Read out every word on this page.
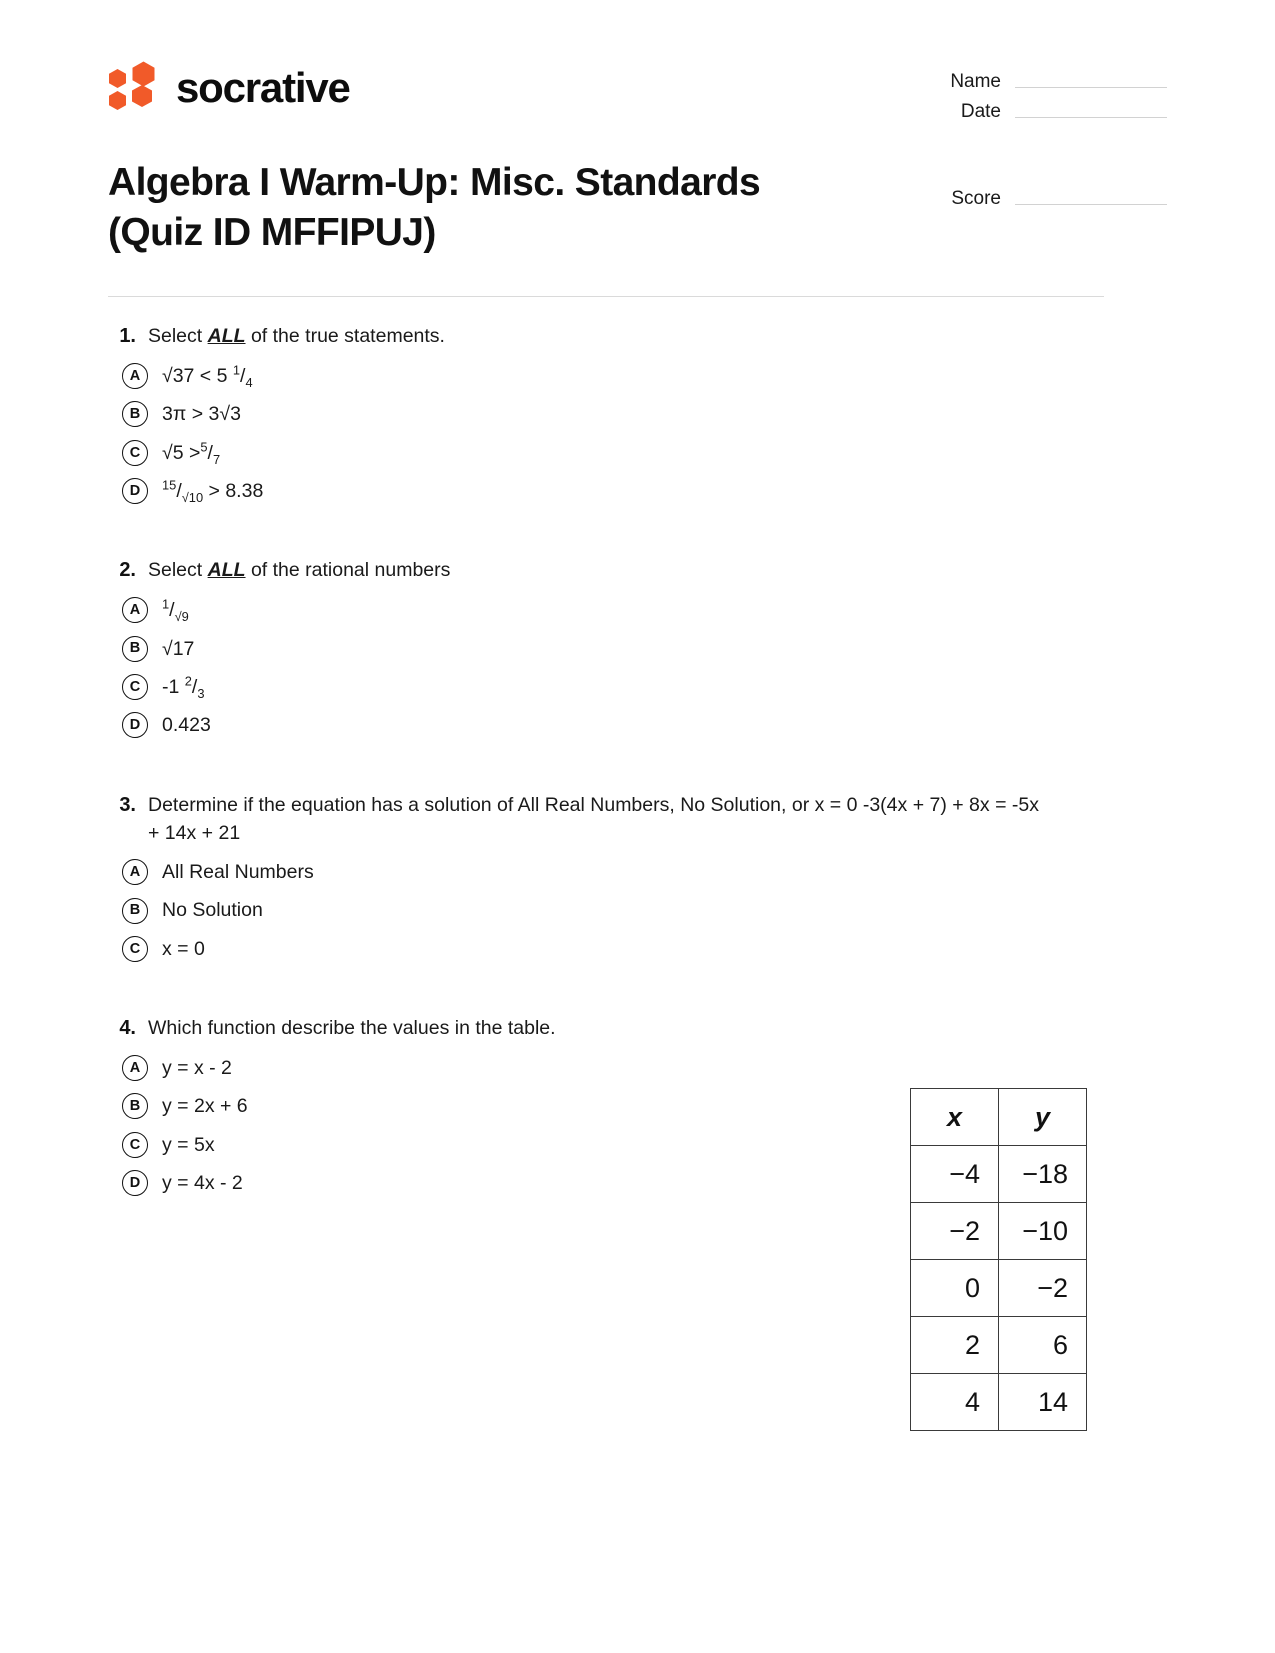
socrative	Name
Date
Score
Algebra I Warm-Up: Misc. Standards (Quiz ID MFFIPUJ)
1. Select ALL of the true statements.
A	√37 < 5 $^1/_4$
B	3π > 3√3
C	$√5 >^5/_7$
D	$^{15}/_{√10} > 8.38$
2. Select ALL of the rational numbers
A	$^1/_{√9}$
B	√17
C	-1 $^2/_3$
D	0.423
3. Determine if the equation has a solution of All Real Numbers, No Solution, or x = 0 -3(4x + 7) + 8x = -5x + 14x + 21
A	All Real Numbers
B	No Solution
C	x = 0
4. Which function describe the values in the table.
A	y = x - 2
B	y = 2x + 6
C	y = 5x
D	y = 4x - 2
x	y
−4	−18
−2	−10
0	−2
2	6
4	14
